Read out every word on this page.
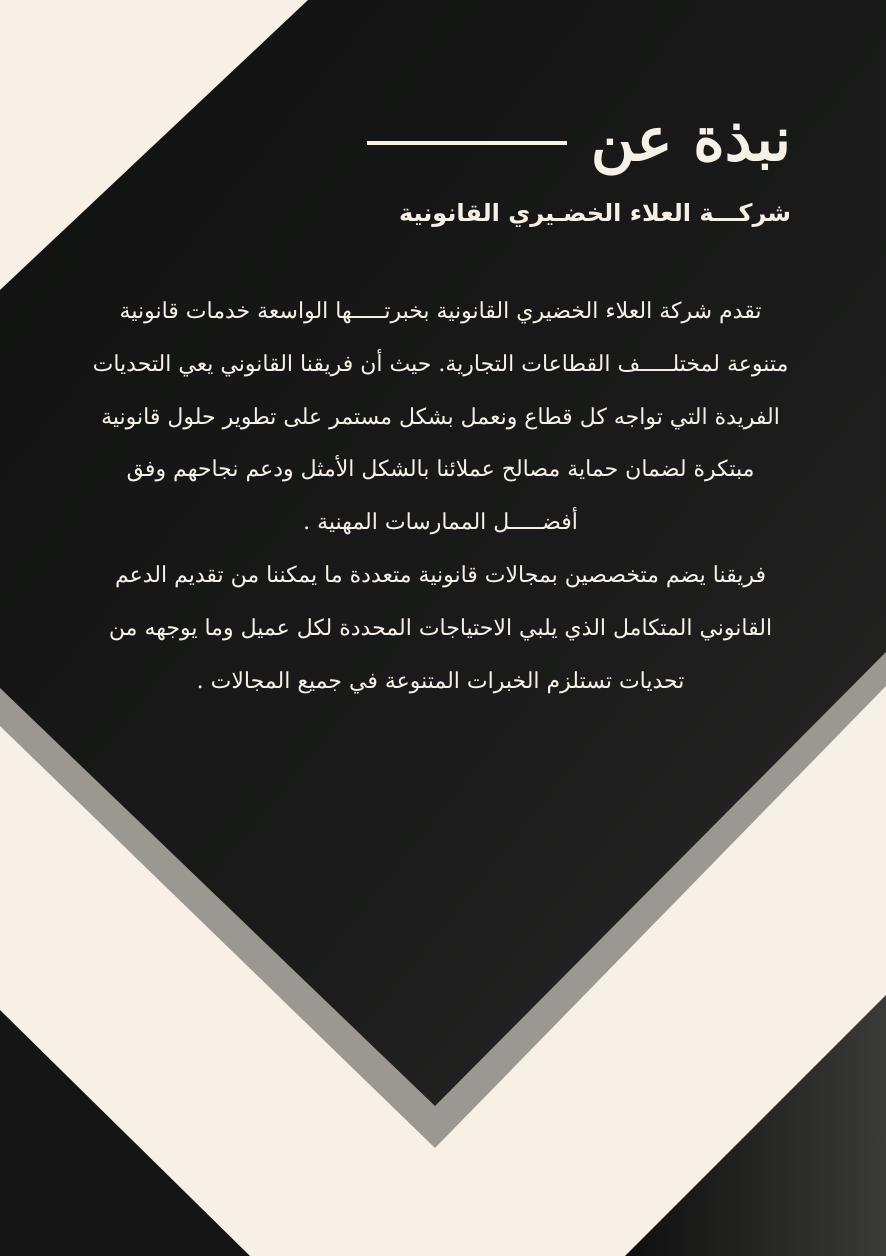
نبذة عن
شركـــة العلاء الخضـيري القانونية

تقدم شركة العلاء الخضيري القانونية بخبرتـــــها الواسعة خدمات قانونية متنوعة لمختلـــــف القطاعات التجارية. حيث أن فريقنا القانوني يعي التحديات الفريدة التي تواجه كل قطاع ونعمل بشكل مستمر على تطوير حلول قانونية مبتكرة لضمان حماية مصالح عملائنا بالشكل الأمثل ودعم نجاحهم وفق أفضـــــل الممارسات المهنية .

فريقنا يضم متخصصين بمجالات قانونية متعددة ما يمكننا من تقديم الدعم القانوني المتكامل الذي يلبي الاحتياجات المحددة لكل عميل وما يوجهه من تحديات تستلزم الخبرات المتنوعة في جميع المجالات .
